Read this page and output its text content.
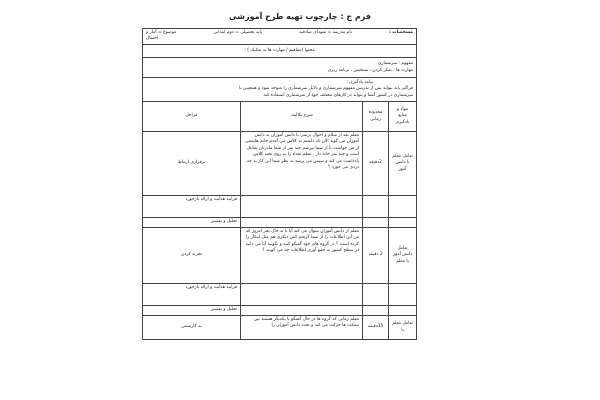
فرم ج : چارچوب تهیه طرح آموزشی
مشخصات :
نام مدرسه = شهدای صادقیه
پایه تحصیلی = دوم ابتدایی
موضوع = آمار و
احتمال			

محتوا (مفاهیم / مهارت ها به تفکیک ) :			

مفهوم : سرشماری
مهارت ها : تفکر کردن ، تشخیص ، برنامه ریزی			

پیامد یادگیری :
فراگیر باید بتواند پس از تدریس مفهوم سرشماری و دلایل سرشماری را متوجه شود و همچنین با
سرشماری در کشور آشنا و بتواند در کارهای مختلف خود از سرشماری استفاده کند			

مواد و منابع یادگیری	محدوده زمانی	شرح تکالیف	مراحل
تعامل معلم با دانش آموز	2دقیقه	معلم بعد از سلام و احوال پرسی با دانش آموزان به دانش آموزان می گوید الان که داشتم به کلاس می آمدم خانم هاشمی از من خواست تا از شما بپرسم چند نفر از شما مادرتان شاغل است و چند نفر خانه دار . معلم تعداد را به روی تخته کلاس یادداشت می کند و سپس می پرسد به نظر شما این کار به چه دردی می خورد ؟	برقراری ارتباط
			فرایند هدایت و ارائه بازخورد
			تحلیل و تفسیر
تعامل دانش آموز با معلم	2 دقیقه	معلم از دانش آموزان سوال می کند آیا تا به حال بچز امروز که من این اطلاعات را از شما گرفتم کس دیگری هم مثل اینکار را کرده است ؟ در گروه های خود گفتگو کنید و بگویید آیا می دانید در سطح کشور به جمع آوری اطلاعات چه می گویند ؟	تجربه کردن
			فرایند هدایت و ارائه بازخورد
			تحلیل و تفسیر
تعامل معلم با	15دقیقه	معلم زمانی که گروه ها در حال گفتگو با یکدیگر هستند بین نیمکت ها حرکت می کند و بحث دانش آموزان را	به کاربستن
